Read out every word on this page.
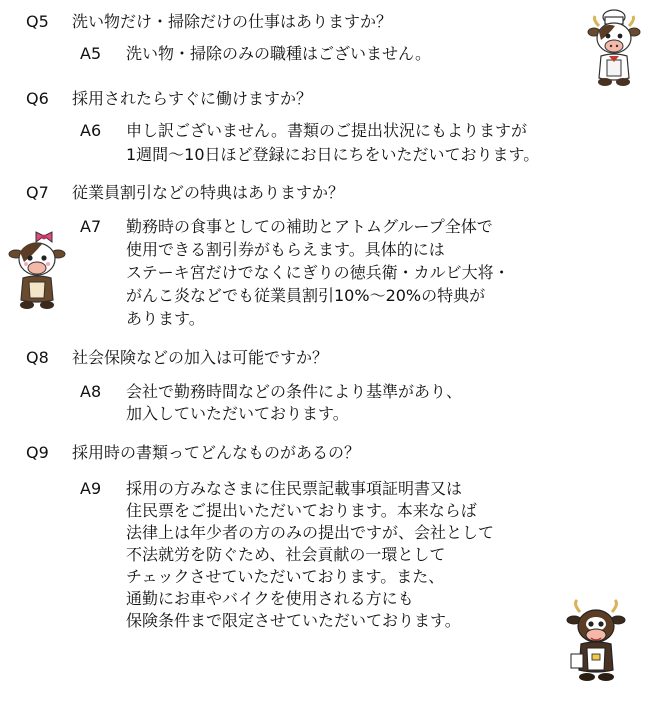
Q5 洗い物だけ・掃除だけの仕事はありますか？
A5	洗い物・掃除のみの職種はございません。
Q6 採用されたらすぐに働けますか？
A6	申し訳ございません。書類のご提出状況にもよりますが
1週間～10日ほど登録にお日にちをいただいております。
Q7 従業員割引などの特典はありますか？
A7	勤務時の食事としての補助とアトムグループ全体で
使用できる割引券がもらえます。具体的には
ステーキ宮だけでなくにぎりの徳兵衛・カルビ大将・
がんこ炎などでも従業員割引10%～20%の特典が
あります。
Q8 社会保険などの加入は可能ですか？
A8	会社で勤務時間などの条件により基準があり、
加入していただいております。
Q9 採用時の書類ってどんなものがあるの？
A9	採用の方みなさまに住民票記載事項証明書又は
住民票をご提出いただいております。本来ならば
法律上は年少者の方のみの提出ですが、会社として
不法就労を防ぐため、社会貢献の一環として
チェックさせていただいております。また、
通勤にお車やバイクを使用される方にも
保険条件まで限定させていただいております。
